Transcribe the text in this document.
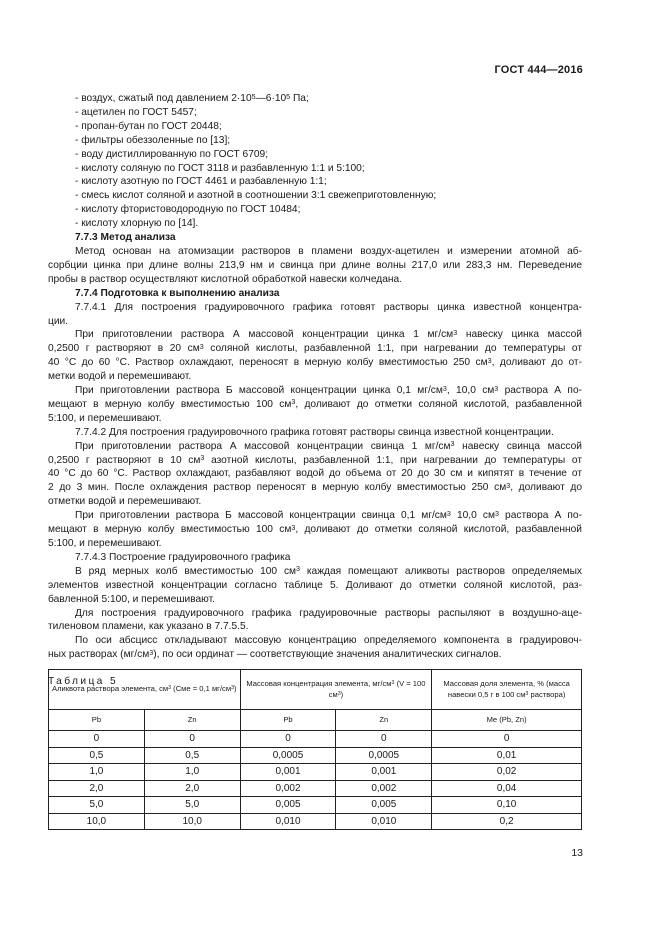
ГОСТ 444—2016
- воздух, сжатый под давлением $2\cdot 10^5—6\cdot 10^5$ Па;
- ацетилен по ГОСТ 5457;
- пропан-бутан по ГОСТ 20448;
- фильтры обеззоленные по [13];
- воду дистиллированную по ГОСТ 6709;
- кислоту соляную по ГОСТ 3118 и разбавленную 1:1 и 5:100;
- кислоту азотную по ГОСТ 4461 и разбавленную 1:1;
- смесь кислот соляной и азотной в соотношении 3:1 свежеприготовленную;
- кислоту фтористоводородную по ГОСТ 10484;
- кислоту хлорную по [14].
7.7.3 Метод анализа
Метод основан на атомизации растворов в пламени воздух-ацетилен и измерении атомной аб-
сорбции цинка при длине волны 213,9 нм и свинца при длине волны 217,0 или 283,3 нм. Переведение
пробы в раствор осуществляют кислотной обработкой навески колчедана.
7.7.4 Подготовка к выполнению анализа
7.7.4.1 Для построения градуировочного графика готовят растворы цинка известной концентра-
ции.
При приготовлении раствора А массовой концентрации цинка 1 $мг/см^3$ навеску цинка массой
0,2500 г растворяют в 20 $см^3$ соляной кислоты, разбавленной 1:1, при нагревании до температуры от
40 °С до 60 °С. Раствор охлаждают, переносят в мерную колбу вместимостью 250 $см^3$, доливают до от-
метки водой и перемешивают.
При приготовлении раствора Б массовой концентрации цинка 0,1 $мг/см^3$, 10,0 $см^3$ раствора А по-
мещают в мерную колбу вместимостью 100 $см^3$, доливают до отметки соляной кислотой, разбавленной
5:100, и перемешивают.
7.7.4.2 Для построения градуировочного графика готовят растворы свинца известной концентрации.
При приготовлении раствора А массовой концентрации свинца 1 $мг/см^3$ навеску свинца массой
0,2500 г растворяют в 10 $см^3$ азотной кислоты, разбавленной 1:1, при нагревании до температуры от
40 °С до 60 °С. Раствор охлаждают, разбавляют водой до объема от 20 до 30 см и кипятят в течение от
2 до 3 мин. После охлаждения раствор переносят в мерную колбу вместимостью 250 $см^3$, доливают до
отметки водой и перемешивают.
При приготовлении раствора Б массовой концентрации свинца 0,1 $мг/см^3$ 10,0 $см^3$ раствора А по-
мещают в мерную колбу вместимостью 100 $см^3$, доливают до отметки соляной кислотой, разбавленной
5:100, и перемешивают.
7.7.4.3 Построение градуировочного графика
В ряд мерных колб вместимостью 100 $см^3$ каждая помещают аликвоты растворов определяемых
элементов известной концентрации согласно таблице 5. Доливают до отметки соляной кислотой, раз-
бавленной 5:100, и перемешивают.
Для построения градуировочного графика градуировочные растворы распыляют в воздушно-аце-
тиленовом пламени, как указано в 7.7.5.5.
По оси абсцисс откладывают массовую концентрацию определяемого компонента в градуировоч-
ных растворах $(мг/см^3)$, по оси ординат — соответствующие значения аналитических сигналов.
Таблица 5
Аликвота раствора элемента, $см^3$ (Cме = 0,1 $мг/см^3$)		Массовая концентрация элемента, $мг/см^3$ (V = 100 $см^3$)		Массовая доля элемента, % (масса навески 0,5 г в 100 $см^3$ раствора)
Pb	Zn	Pb	Zn	Me (Pb, Zn)
0	0	0	0	0
0,5	0,5	0,0005	0,0005	0,01
1,0	1,0	0,001	0,001	0,02
2,0	2,0	0,002	0,002	0,04
5,0	5,0	0,005	0,005	0,10
10,0	10,0	0,010	0,010	0,2
13
